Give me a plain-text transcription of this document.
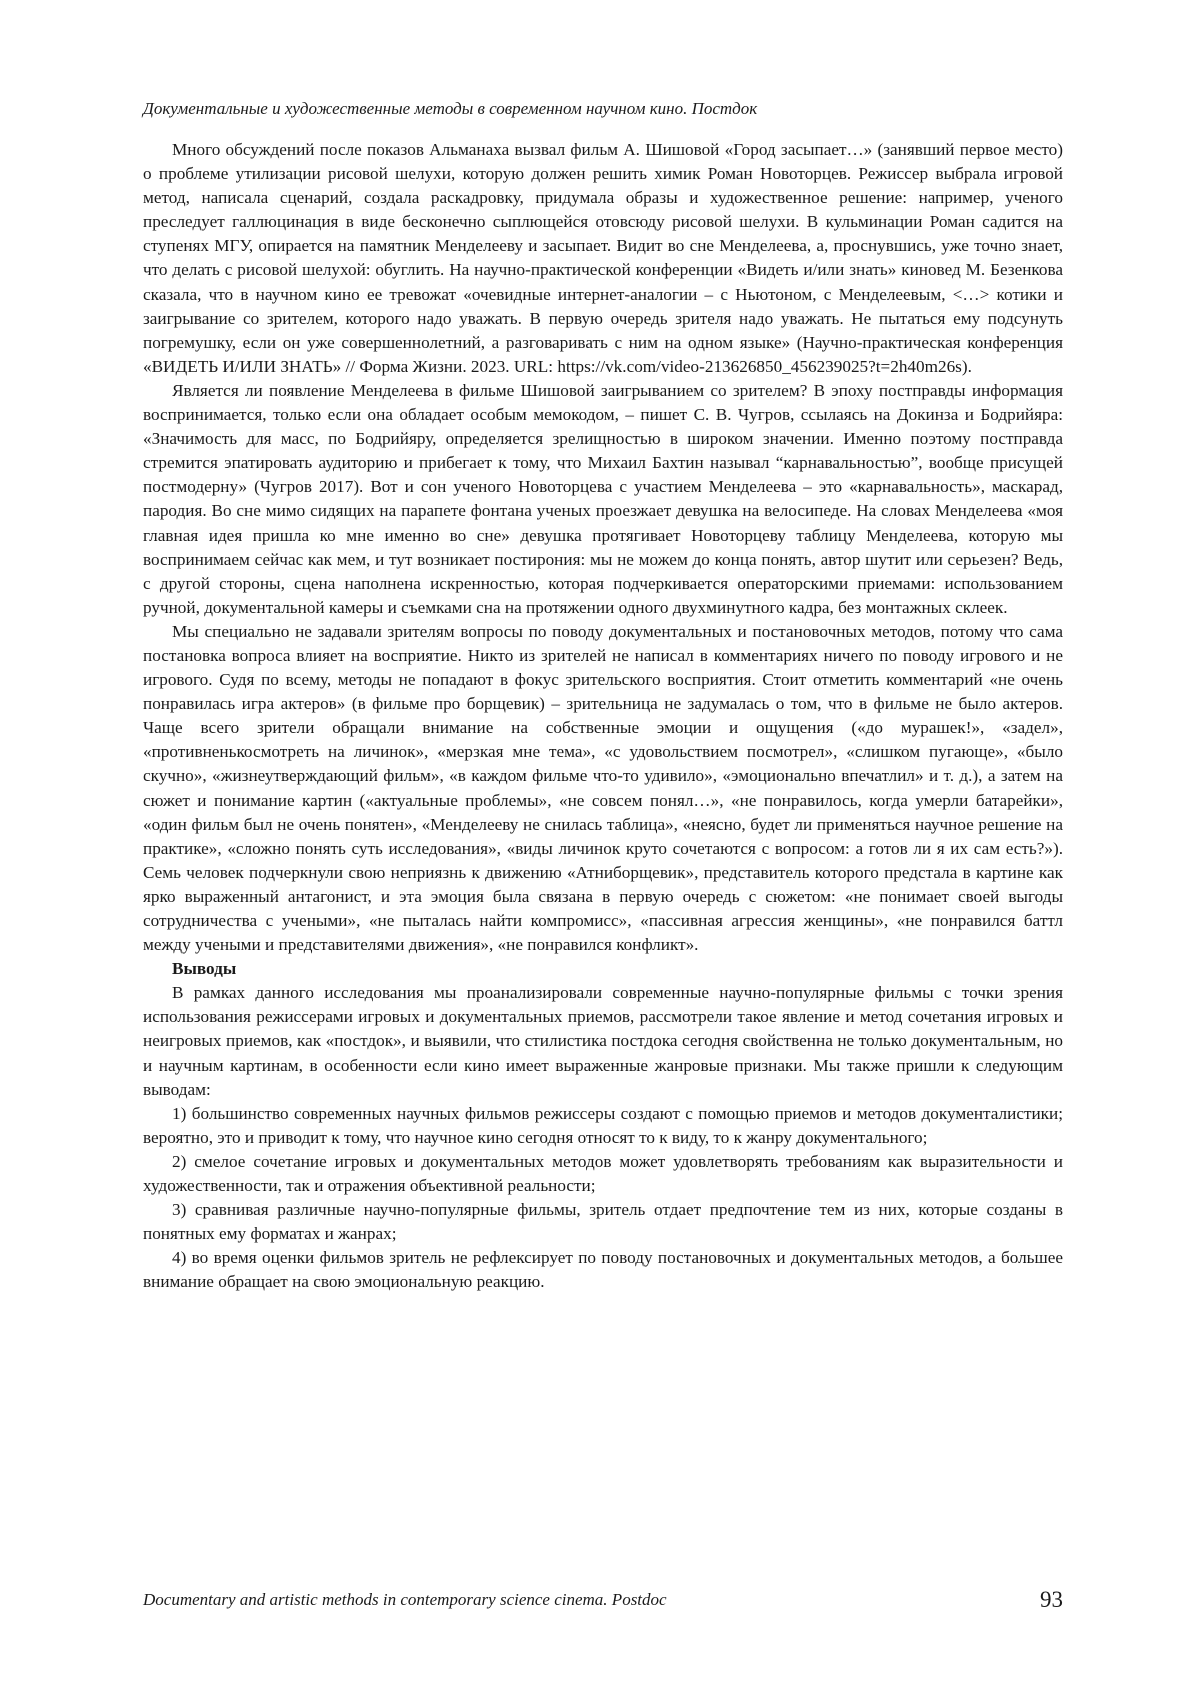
Документальные и художественные методы в современном научном кино. Постдок

Много обсуждений после показов Альманаха вызвал фильм А. Шишовой «Город засыпает…» (занявший первое место) о проблеме утилизации рисовой шелухи, которую должен решить химик Роман Новоторцев. Режиссер выбрала игровой метод, написала сценарий, создала раскадровку, придумала образы и художественное решение: например, ученого преследует галлюцинация в виде бесконечно сыплющейся отовсюду рисовой шелухи. В кульминации Роман садится на ступенях МГУ, опирается на памятник Менделееву и засыпает. Видит во сне Менделеева, а, проснувшись, уже точно знает, что делать с рисовой шелухой: обуглить. На научно-практической конференции «Видеть и/или знать» киновед М. Безенкова сказала, что в научном кино ее тревожат «очевидные интернет-аналогии – с Ньютоном, с Менделеевым, <…> котики и заигрывание со зрителем, которого надо уважать. В первую очередь зрителя надо уважать. Не пытаться ему подсунуть погремушку, если он уже совершеннолетний, а разговаривать с ним на одном языке» (Научно-практическая конференция «ВИДЕТЬ И/ИЛИ ЗНАТЬ» // Форма Жизни. 2023. URL: https://vk.com/video-213626850_456239025?t=2h40m26s).

Является ли появление Менделеева в фильме Шишовой заигрыванием со зрителем? В эпоху постправды информация воспринимается, только если она обладает особым мемокодом, – пишет С. В. Чугров, ссылаясь на Докинза и Бодрийяра: «Значимость для масс, по Бодрийяру, определяется зрелищностью в широком значении. Именно поэтому постправда стремится эпатировать аудиторию и прибегает к тому, что Михаил Бахтин называл “карнавальностью”, вообще присущей постмодерну» (Чугров 2017). Вот и сон ученого Новоторцева с участием Менделеева – это «карнавальность», маскарад, пародия. Во сне мимо сидящих на парапете фонтана ученых проезжает девушка на велосипеде. На словах Менделеева «моя главная идея пришла ко мне именно во сне» девушка протягивает Новоторцеву таблицу Менделеева, которую мы воспринимаем сейчас как мем, и тут возникает постирония: мы не можем до конца понять, автор шутит или серьезен? Ведь, с другой стороны, сцена наполнена искренностью, которая подчеркивается операторскими приемами: использованием ручной, документальной камеры и съемками сна на протяжении одного двухминутного кадра, без монтажных склеек.

Мы специально не задавали зрителям вопросы по поводу документальных и постановочных методов, потому что сама постановка вопроса влияет на восприятие. Никто из зрителей не написал в комментариях ничего по поводу игрового и не игрового. Судя по всему, методы не попадают в фокус зрительского восприятия. Стоит отметить комментарий «не очень понравилась игра актеров» (в фильме про борщевик) – зрительница не задумалась о том, что в фильме не было актеров. Чаще всего зрители обращали внимание на собственные эмоции и ощущения («до мурашек!», «задел», «противненькосмотреть на личинок», «мерзкая мне тема», «с удовольствием посмотрел», «слишком пугающе», «было скучно», «жизнеутверждающий фильм», «в каждом фильме что-то удивило», «эмоционально впечатлил» и т. д.), а затем на сюжет и понимание картин («актуальные проблемы», «не совсем понял…», «не понравилось, когда умерли батарейки», «один фильм был не очень понятен», «Менделееву не снилась таблица», «неясно, будет ли применяться научное решение на практике», «сложно понять суть исследования», «виды личинок круто сочетаются с вопросом: а готов ли я их сам есть?»). Семь человек подчеркнули свою неприязнь к движению «Атниборщевик», представитель которого предстала в картине как ярко выраженный антагонист, и эта эмоция была связана в первую очередь с сюжетом: «не понимает своей выгоды сотрудничества с учеными», «не пыталась найти компромисс», «пассивная агрессия женщины», «не понравился баттл между учеными и представителями движения», «не понравился конфликт».

Выводы

В рамках данного исследования мы проанализировали современные научно-популярные фильмы с точки зрения использования режиссерами игровых и документальных приемов, рассмотрели такое явление и метод сочетания игровых и неигровых приемов, как «постдок», и выявили, что стилистика постдока сегодня свойственна не только документальным, но и научным картинам, в особенности если кино имеет выраженные жанровые признаки. Мы также пришли к следующим выводам:

1) большинство современных научных фильмов режиссеры создают с помощью приемов и методов документалистики; вероятно, это и приводит к тому, что научное кино сегодня относят то к виду, то к жанру документального;

2) смелое сочетание игровых и документальных методов может удовлетворять требованиям как выразительности и художественности, так и отражения объективной реальности;

3) сравнивая различные научно-популярные фильмы, зритель отдает предпочтение тем из них, которые созданы в понятных ему форматах и жанрах;

4) во время оценки фильмов зритель не рефлексирует по поводу постановочных и документальных методов, а большее внимание обращает на свою эмоциональную реакцию.

Documentary and artistic methods in contemporary science cinema. Postdoc	93
